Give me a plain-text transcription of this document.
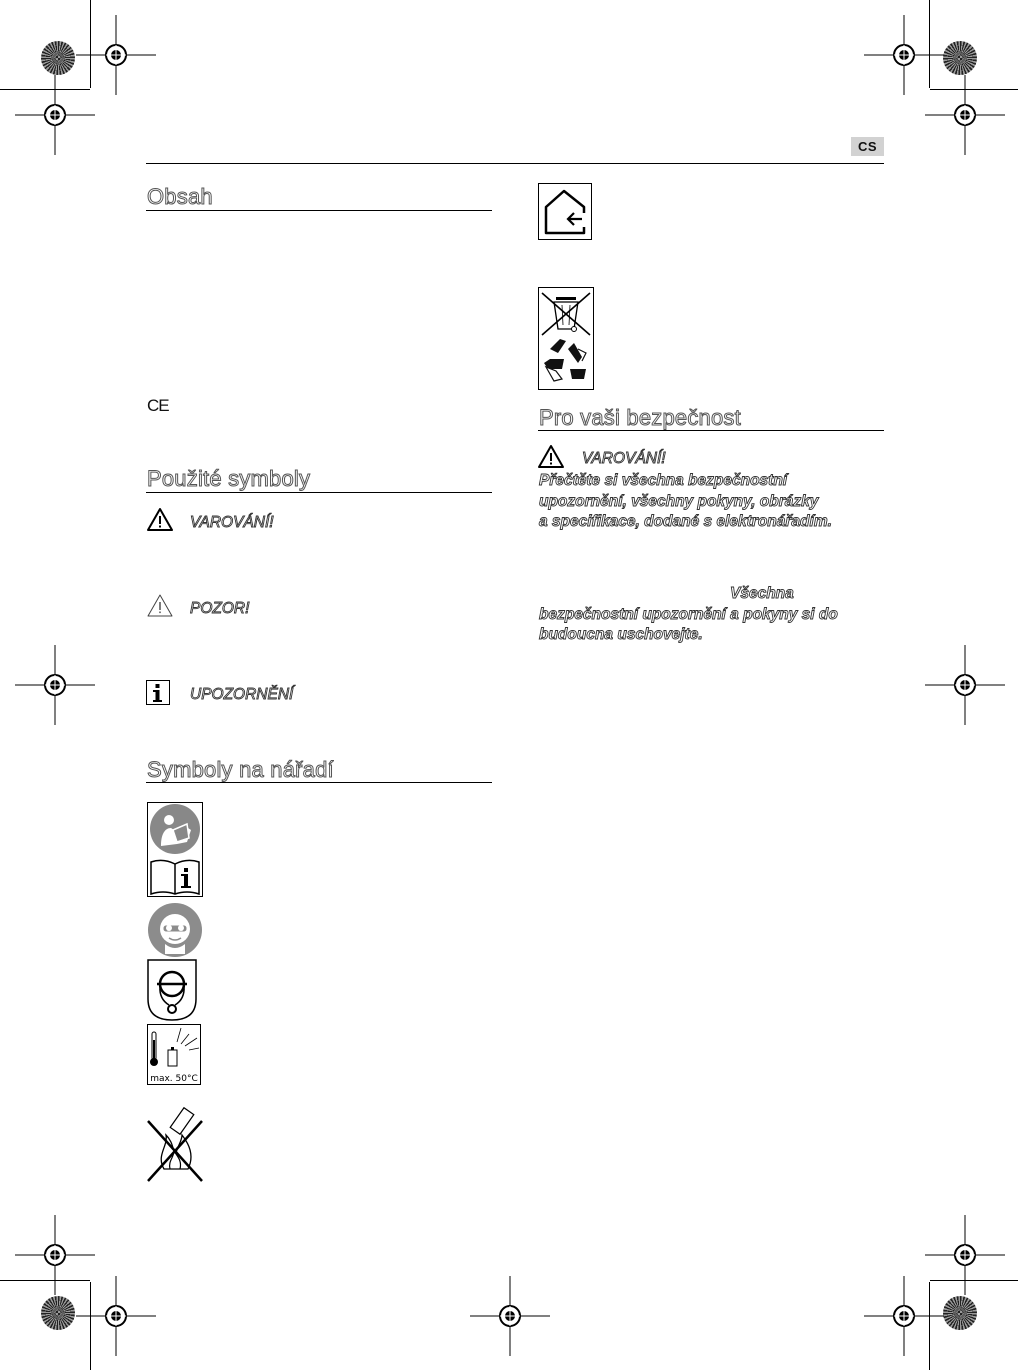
CS
Obsah
CE
Použité symboly
VAROVÁNÍ!
POZOR!
UPOZORNĚNÍ
Symboly na nářadí
max. 50°C
Pro vaši bezpečnost
VAROVÁNÍ!
Přečtěte si všechna bezpečnostní
upozornění, všechny pokyny, obrázky
a specifikace, dodané s elektronářadím.
Všechna
bezpečnostní upozornění a pokyny si do
budoucna uschovejte.
